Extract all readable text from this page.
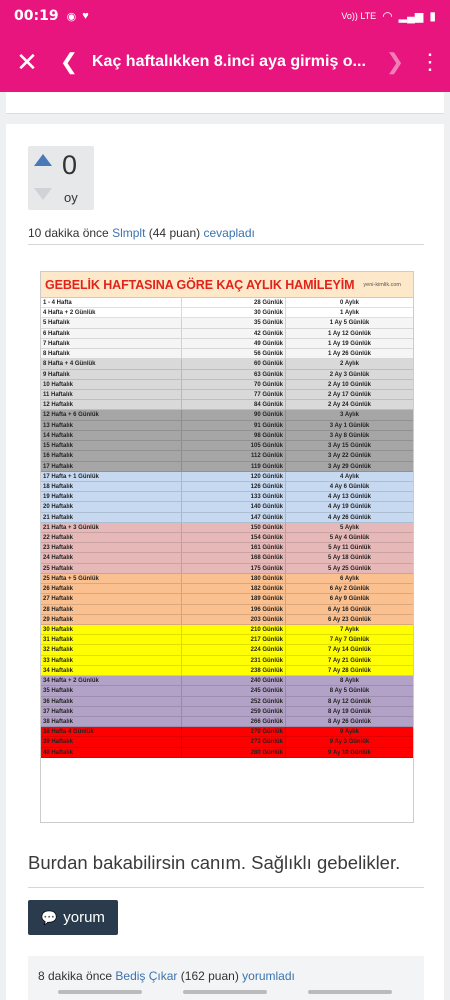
00:19 ◉ ♥	Vo)) LTE ◠ ▂▄▆ ▮
✕ ❮ Kaç haftalıkken 8.inci aya girmiş o... ❯ ⋮
0
oy
10 dakika önce Slmplt (44 puan) cevapladı
GEBELİK HAFTASINA GÖRE KAÇ AYLIK HAMİLEYİM yeni-kimlik.com
1 - 4 Hafta	28 Günlük	0 Aylık
4 Hafta + 2 Günlük	30 Günlük	1 Aylık
5 Haftalık	35 Günlük	1 Ay 5 Günlük
6 Haftalık	42 Günlük	1 Ay 12 Günlük
7 Haftalık	49 Günlük	1 Ay 19 Günlük
8 Haftalık	56 Günlük	1 Ay 26 Günlük
8 Hafta + 4 Günlük	60 Günlük	2 Aylık
9 Haftalık	63 Günlük	2 Ay 3 Günlük
10 Haftalık	70 Günlük	2 Ay 10 Günlük
11 Haftalık	77 Günlük	2 Ay 17 Günlük
12 Haftalık	84 Günlük	2 Ay 24 Günlük
12 Hafta + 6 Günlük	90 Günlük	3 Aylık
13 Haftalık	91 Günlük	3 Ay 1 Günlük
14 Haftalık	98 Günlük	3 Ay 8 Günlük
15 Haftalık	105 Günlük	3 Ay 15 Günlük
16 Haftalık	112 Günlük	3 Ay 22 Günlük
17 Haftalık	119 Günlük	3 Ay 29 Günlük
17 Hafta + 1 Günlük	120 Günlük	4 Aylık
18 Haftalık	126 Günlük	4 Ay 6 Günlük
19 Haftalık	133 Günlük	4 Ay 13 Günlük
20 Haftalık	140 Günlük	4 Ay 19 Günlük
21 Haftalık	147 Günlük	4 Ay 26 Günlük
21 Hafta + 3 Günlük	150 Günlük	5 Aylık
22 Haftalık	154 Günlük	5 Ay 4 Günlük
23 Haftalık	161 Günlük	5 Ay 11 Günlük
24 Haftalık	168 Günlük	5 Ay 18 Günlük
25 Haftalık	175 Günlük	5 Ay 25 Günlük
25 Hafta + 5 Günlük	180 Günlük	6 Aylık
26 Haftalık	182 Günlük	6 Ay 2 Günlük
27 Haftalık	189 Günlük	6 Ay 9 Günlük
28 Haftalık	196 Günlük	6 Ay 16 Günlük
29 Haftalık	203 Günlük	6 Ay 23 Günlük
30 Haftalık	210 Günlük	7 Aylık
31 Haftalık	217 Günlük	7 Ay 7 Günlük
32 Haftalık	224 Günlük	7 Ay 14 Günlük
33 Haftalık	231 Günlük	7 Ay 21 Günlük
34 Haftalık	238 Günlük	7 Ay 28 Günlük
34 Hafta + 2 Günlük	240 Günlük	8 Aylık
35 Haftalık	245 Günlük	8 Ay 5 Günlük
36 Haftalık	252 Günlük	8 Ay 12 Günlük
37 Haftalık	259 Günlük	8 Ay 19 Günlük
38 Haftalık	266 Günlük	8 Ay 26 Günlük
38 Hafta 4 Günlük	270 Günlük	9 Aylık
39 Haftalık	273 Günlük	9 Ay 3 Günlük
40 Haftalık	280 Günlük	9 Ay 10 Günlük
Burdan bakabilirsin canım. Sağlıklı gebelikler.
💬 yorum
8 dakika önce Bediş Çıkar (162 puan) yorumladı
